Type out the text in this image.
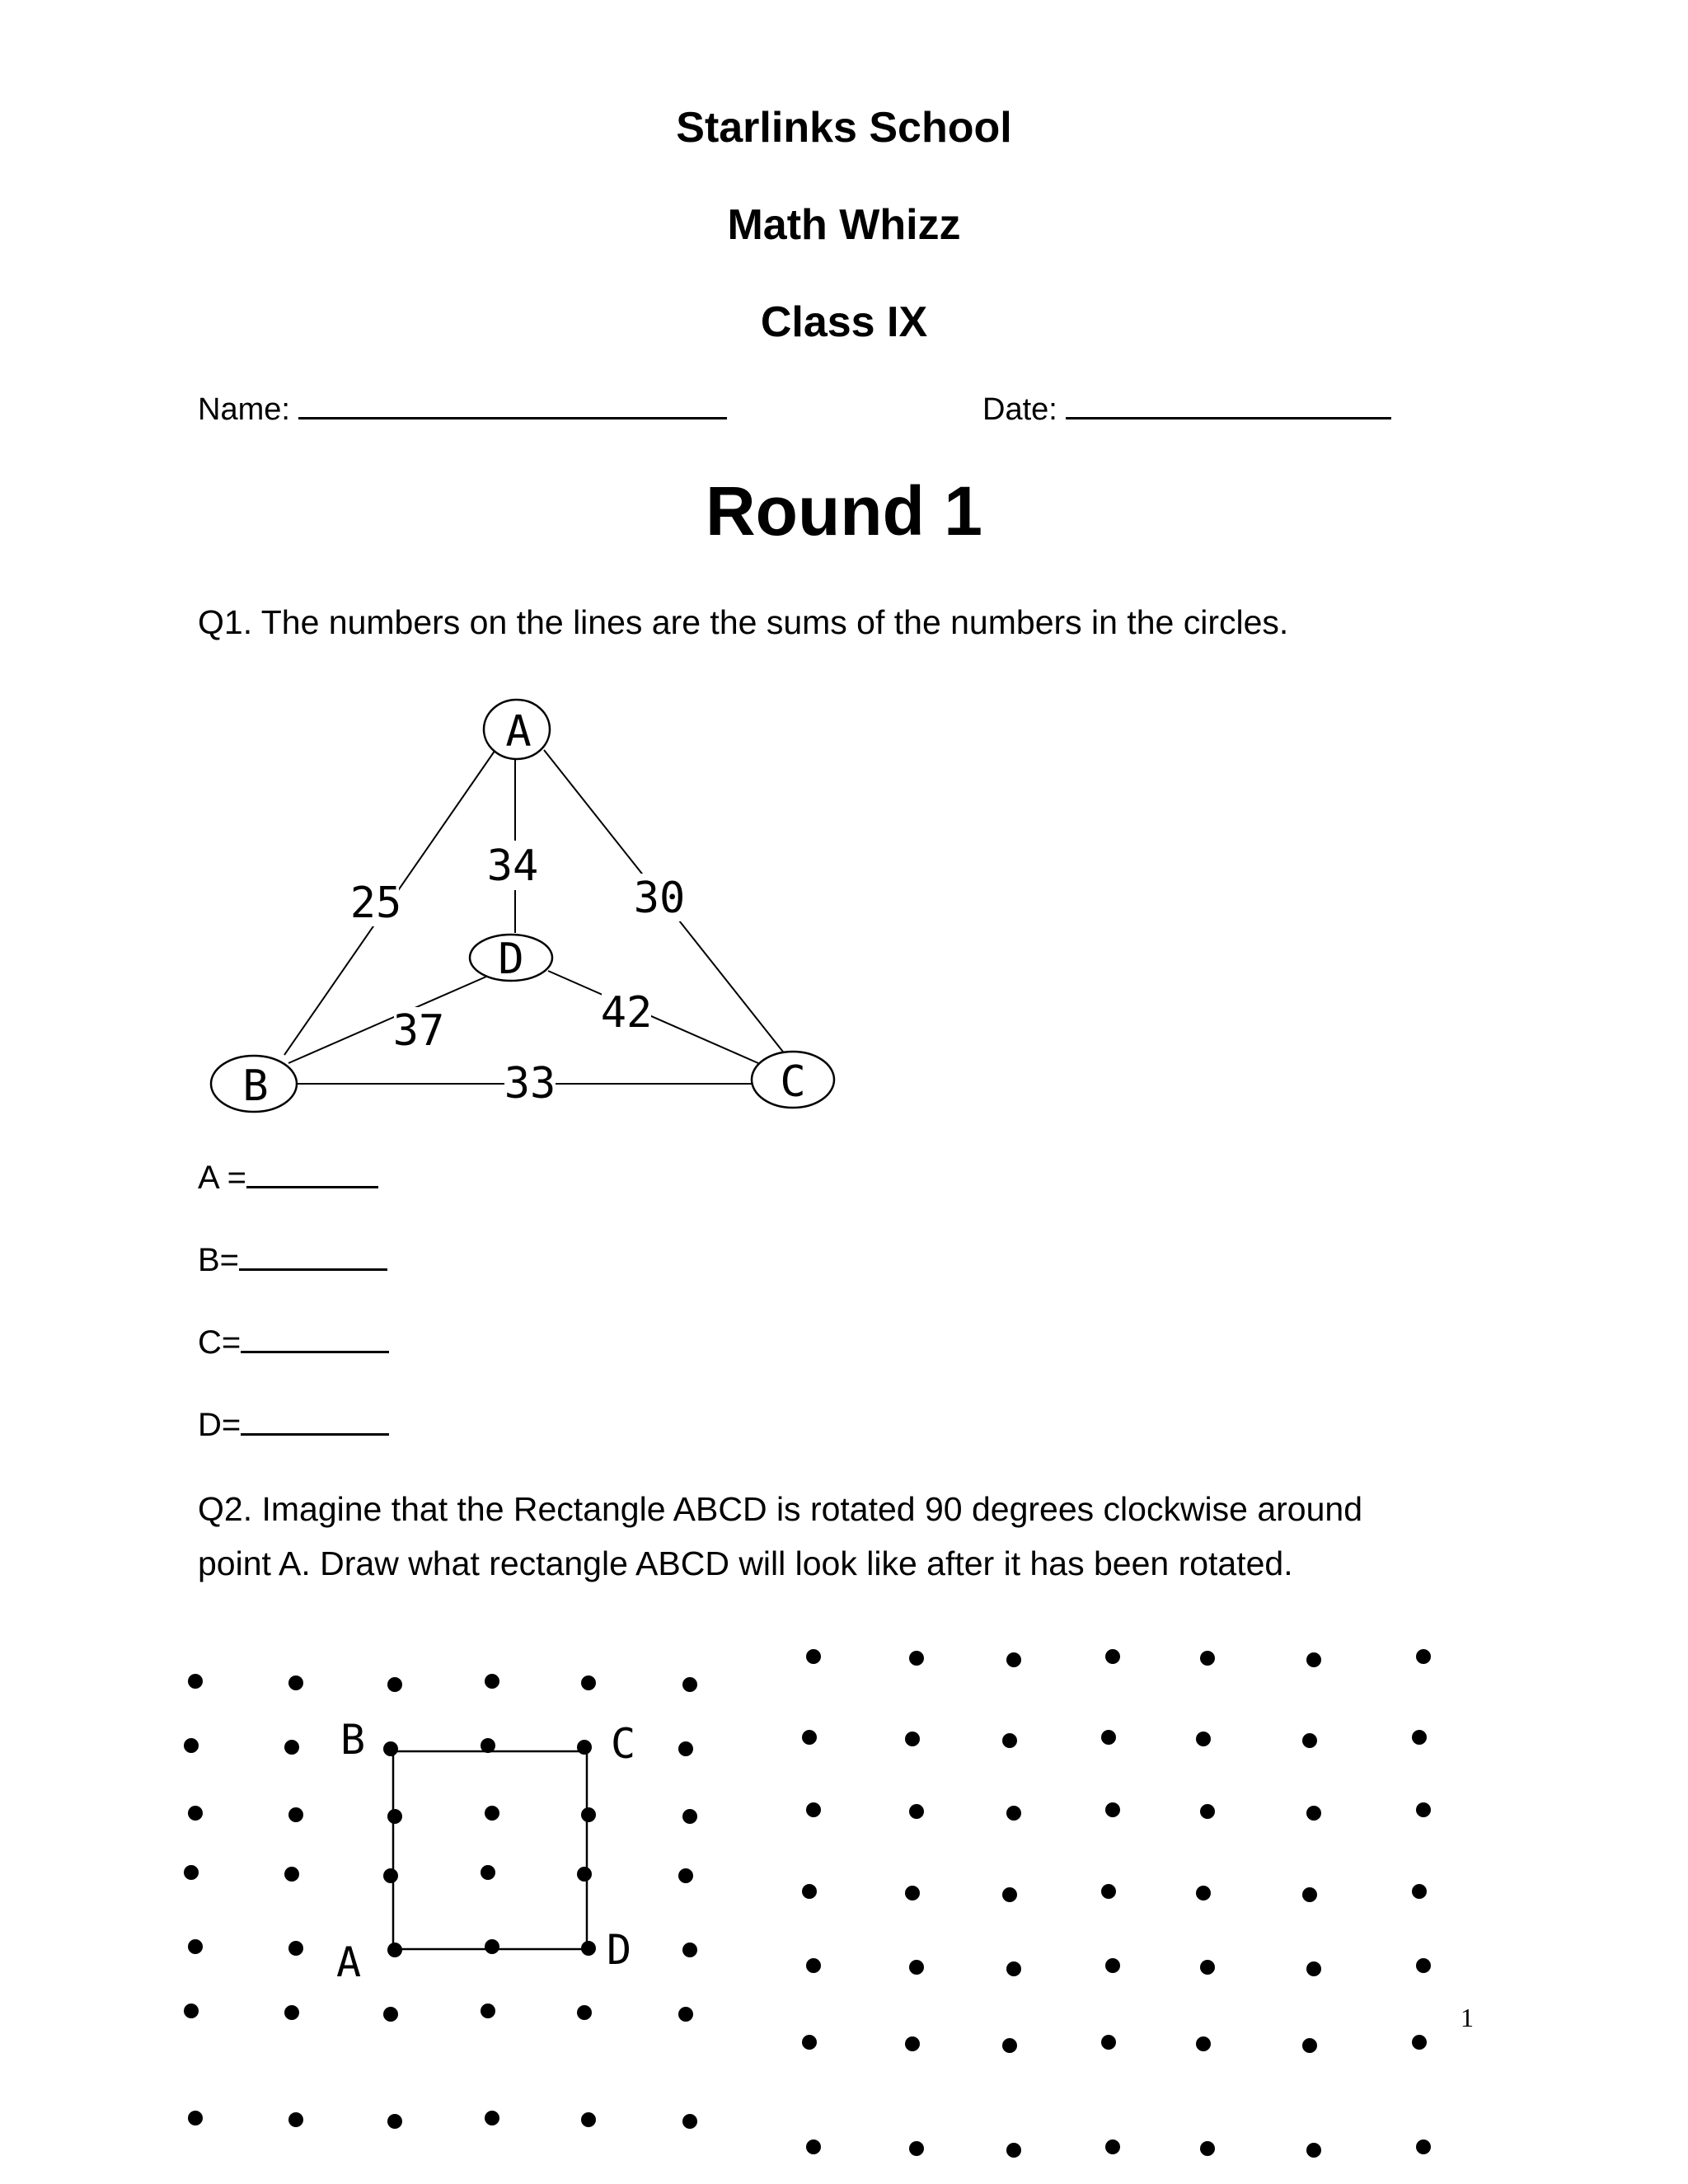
Starlinks School
Math Whizz
Class IX
Name:	Date:
Round 1
Q1. The numbers on the lines are the sums of the numbers in the circles.
A
D
B	C
25
34
30
37	42
33
A =
B=
C=
D=
Q2. Imagine that the Rectangle ABCD is rotated 90 degrees clockwise around
point A. Draw what rectangle ABCD will look like after it has been rotated.
B	C
A	D
1
